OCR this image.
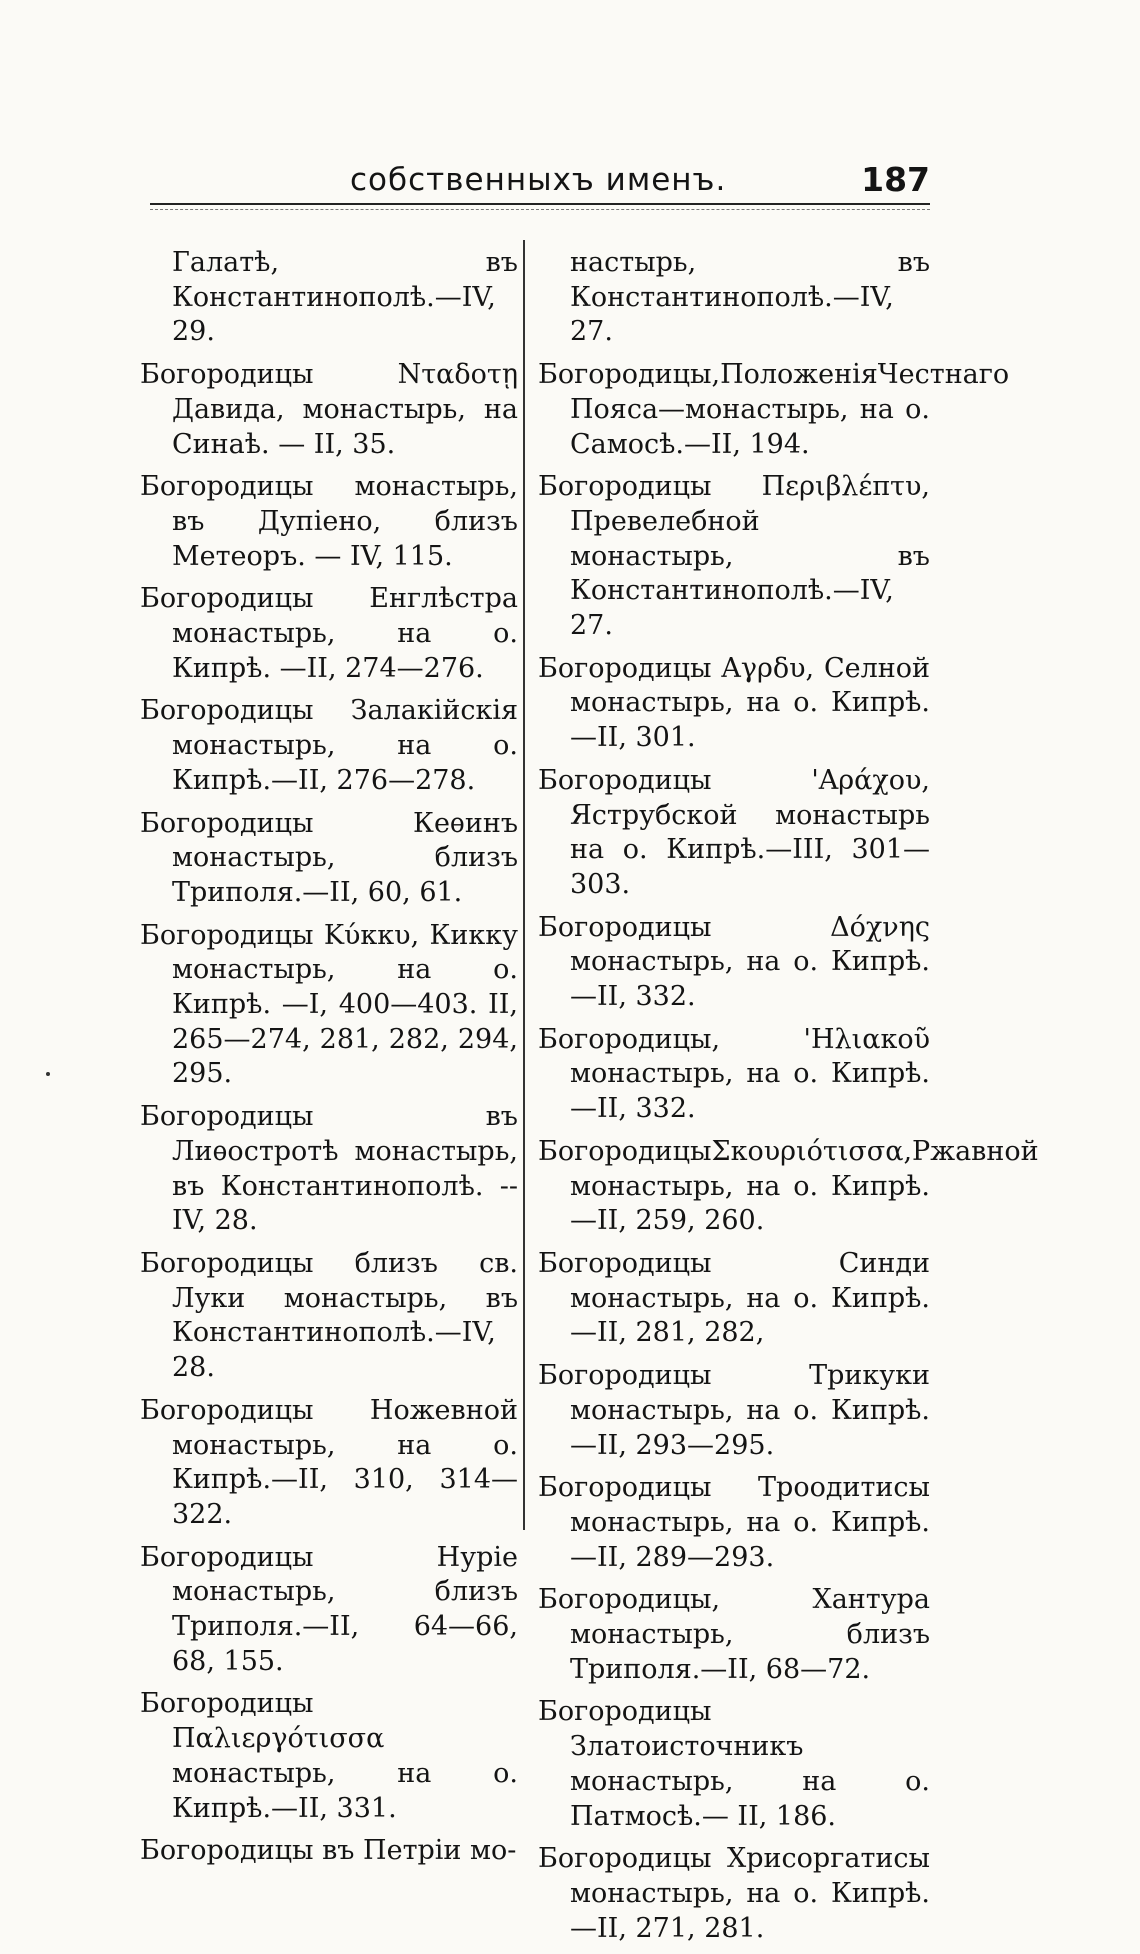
собственныхъ именъ.	187

Галатѣ, въ Константинополѣ.—IV, 29.

Богородицы Νταδοτῃ Давида, монастырь, на Синаѣ. — II, 35.

Богородицы монастырь, въ Дупіено, близъ Метеоръ. — IV, 115.

Богородицы Енглѣстра монастырь, на о. Кипрѣ. —II, 274—276.

Богородицы Залакійскія монастырь, на о. Кипрѣ.—II, 276—278.

Богородицы Кеѳинъ монастырь, близъ Триполя.—II, 60, 61.

Богородицы Κύκκυ, Кикку монастырь, на о. Кипрѣ. —I, 400—403. II, 265—274, 281, 282, 294, 295.

Богородицы въ Лиѳостротѣ монастырь, въ Константинополѣ. --IV, 28.

Богородицы близъ св. Луки монастырь, въ Константинополѣ.—IV, 28.

Богородицы Ножевной монастырь, на о. Кипрѣ.—II, 310, 314—322.

Богородицы Нуріе монастырь, близъ Триполя.—II, 64—66, 68, 155.

Богородицы Παλιεργότισσα монастырь, на о. Кипрѣ.—II, 331.

Богородицы въ Петріи мо-

настырь, въ Константинополѣ.—IV, 27.

Богородицы,ПоложенiяЧестнаго Пояса—монастырь, на о. Самосѣ.—II, 194.

Богородицы Περιβλέπτυ, Превелебной монастырь, въ Константинополѣ.—IV, 27.

Богородицы Αγρδυ, Селной монастырь, на о. Кипрѣ.—II, 301.

Богородицы 'Αράχου, Яструбской монастырь на о. Кипрѣ.—III, 301—303.

Богородицы Δόχνης монастырь, на о. Кипрѣ.—II, 332.

Богородицы, 'Ηλιακοῦ монастырь, на о. Кипрѣ.—II, 332.

БогородицыΣκουριότισσα,Ржавной монастырь, на о. Кипрѣ. —II, 259, 260.

Богородицы Синди монастырь, на о. Кипрѣ.—II, 281, 282,

Богородицы Трикуки монастырь, на о. Кипрѣ.—II, 293—295.

Богородицы Троодитисы монастырь, на о. Кипрѣ.—II, 289—293.

Богородицы, Хантура монастырь, близъ Триполя.—II, 68—72.

Богородицы Златоисточникъ монастырь, на о. Патмосѣ.— II, 186.

Богородицы Хрисоргатисы монастырь, на о. Кипрѣ.—II, 271, 281.
